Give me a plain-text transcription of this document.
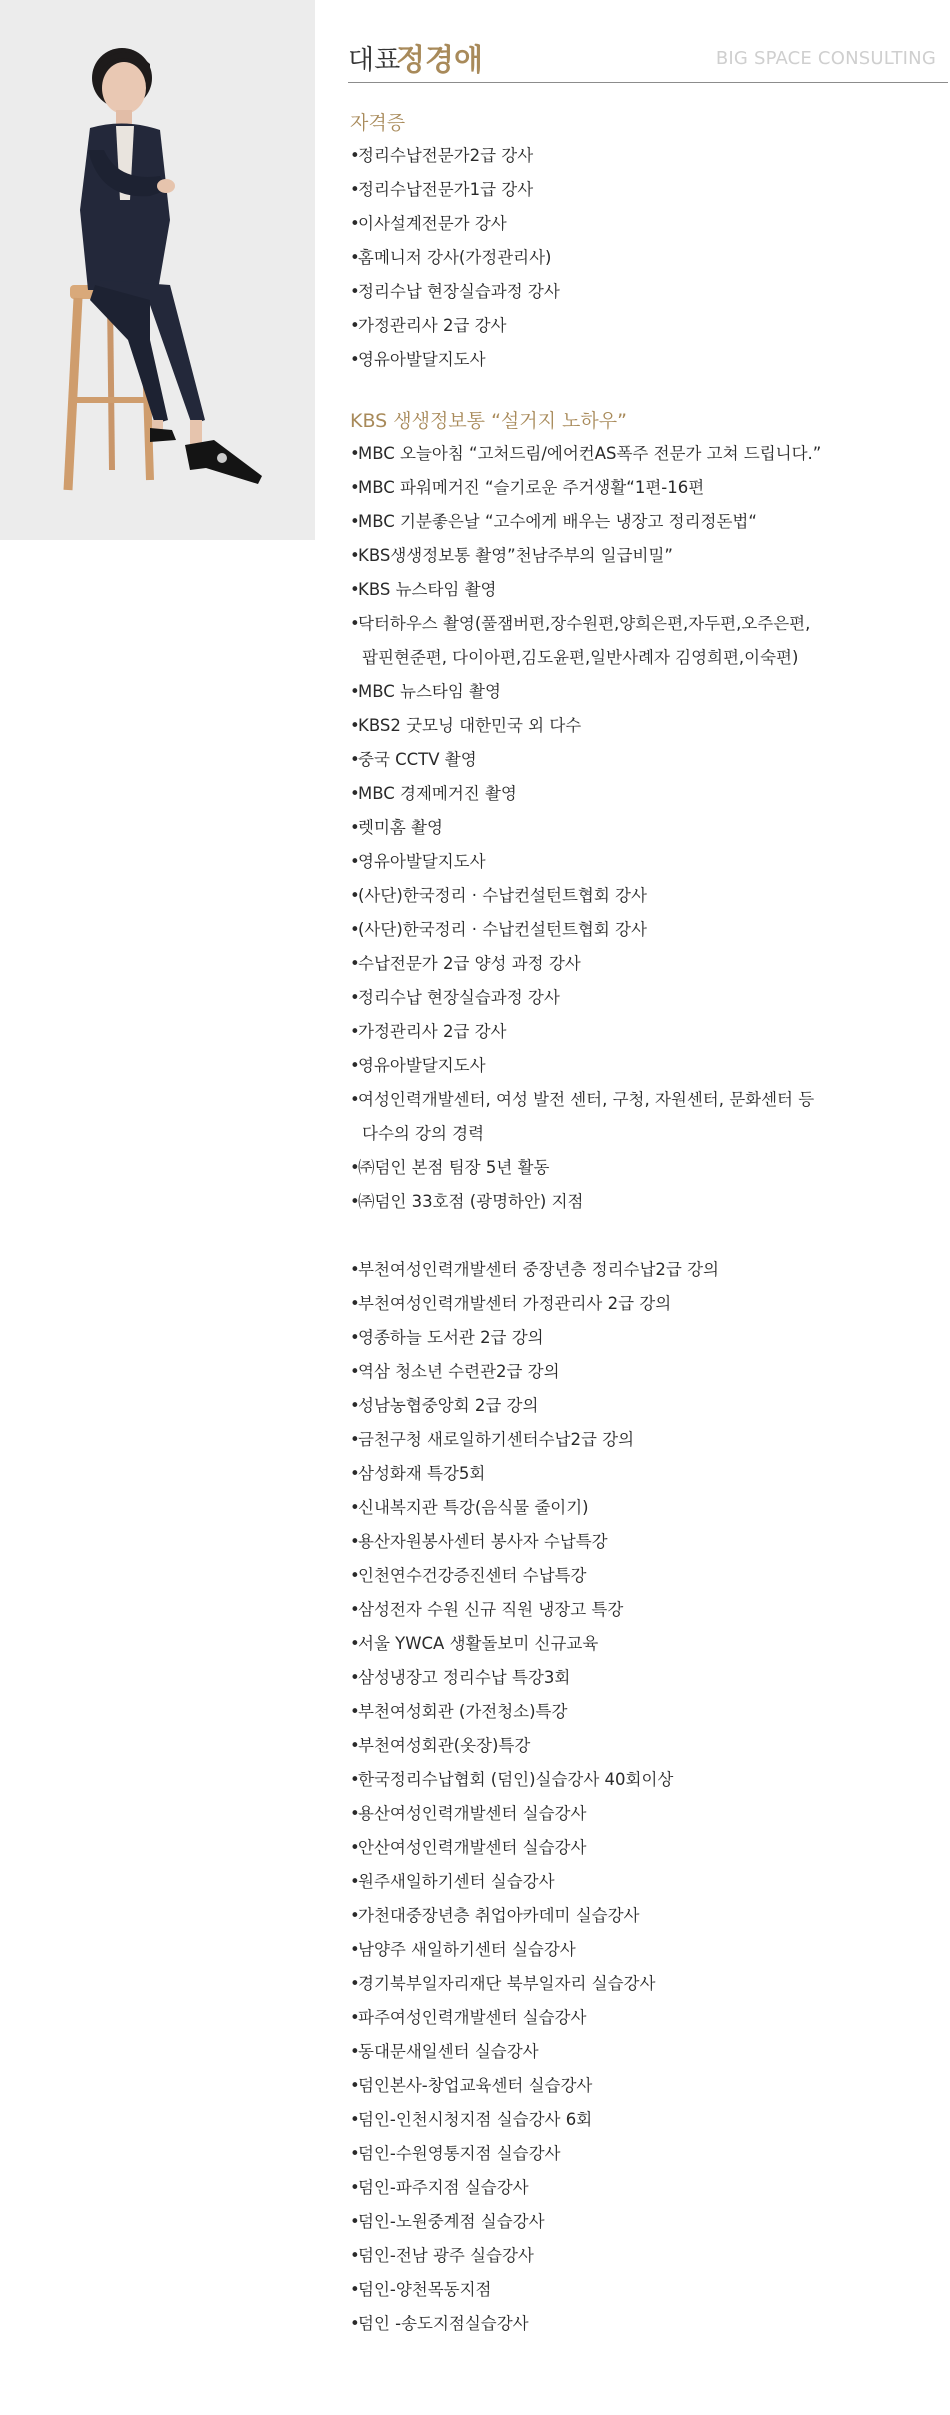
대표
정경애	BIG SPACE CONSULTING
자격증
•정리수납전문가2급 강사
•정리수납전문가1급 강사
•이사설계전문가 강사
•홈메니저 강사(가정관리사)
•정리수납 현장실습과정 강사
•가정관리사 2급 강사
•영유아발달지도사
KBS 생생정보통 “설거지 노하우”
•MBC 오늘아침 “고처드림/에어컨AS폭주 전문가 고쳐 드립니다.”
•MBC 파워메거진 “슬기로운 주거생활“1편-16편
•MBC 기분좋은날 “고수에게 배우는 냉장고 정리정돈법“
•KBS생생정보통 촬영”천남주부의 일급비밀”
•KBS 뉴스타임 촬영
•닥터하우스 촬영(풀잼버편,장수원편,양희은편,자두편,오주은편,
팝핀현준편, 다이아편,김도윤편,일반사례자 김영희편,이숙편)
•MBC 뉴스타임 촬영
•KBS2 굿모닝 대한민국 외 다수
•중국 CCTV 촬영
•MBC 경제메거진 촬영
•렛미홈 촬영
•영유아발달지도사
•(사단)한국정리 · 수납컨설턴트협회 강사
•(사단)한국정리 · 수납컨설턴트협회 강사
•수납전문가 2급 양성 과정 강사
•정리수납 현장실습과정 강사
•가정관리사 2급 강사
•영유아발달지도사
•여성인력개발센터, 여성 발전 센터, 구청, 자원센터, 문화센터 등
다수의 강의 경력
•㈜덤인 본점 팀장 5년 활동
•㈜덤인 33호점 (광명하안) 지점
•부천여성인력개발센터 중장년층 정리수납2급 강의
•부천여성인력개발센터 가정관리사 2급 강의
•영종하늘 도서관 2급 강의
•역삼 청소년 수련관2급 강의
•성남농협중앙회 2급 강의
•금천구청 새로일하기센터수납2급 강의
•삼성화재 특강5회
•신내복지관 특강(음식물 줄이기)
•용산자원봉사센터 봉사자 수납특강
•인천연수건강증진센터 수납특강
•삼성전자 수원 신규 직원 냉장고 특강
•서울 YWCA 생활돌보미 신규교육
•삼성냉장고 정리수납 특강3회
•부천여성회관 (가전청소)특강
•부천여성회관(옷장)특강
•한국정리수납협회 (덤인)실습강사 40회이상
•용산여성인력개발센터 실습강사
•안산여성인력개발센터 실습강사
•원주새일하기센터 실습강사
•가천대중장년층 취업아카데미 실습강사
•남양주 새일하기센터 실습강사
•경기북부일자리재단 북부일자리 실습강사
•파주여성인력개발센터 실습강사
•동대문새일센터 실습강사
•덤인본사-창업교육센터 실습강사
•덤인-인천시청지점 실습강사 6회
•덤인-수원영통지점 실습강사
•덤인-파주지점 실습강사
•덤인-노원중계점 실습강사
•덤인-전남 광주 실습강사
•덤인-양천목동지점
•덤인 -송도지점실습강사
